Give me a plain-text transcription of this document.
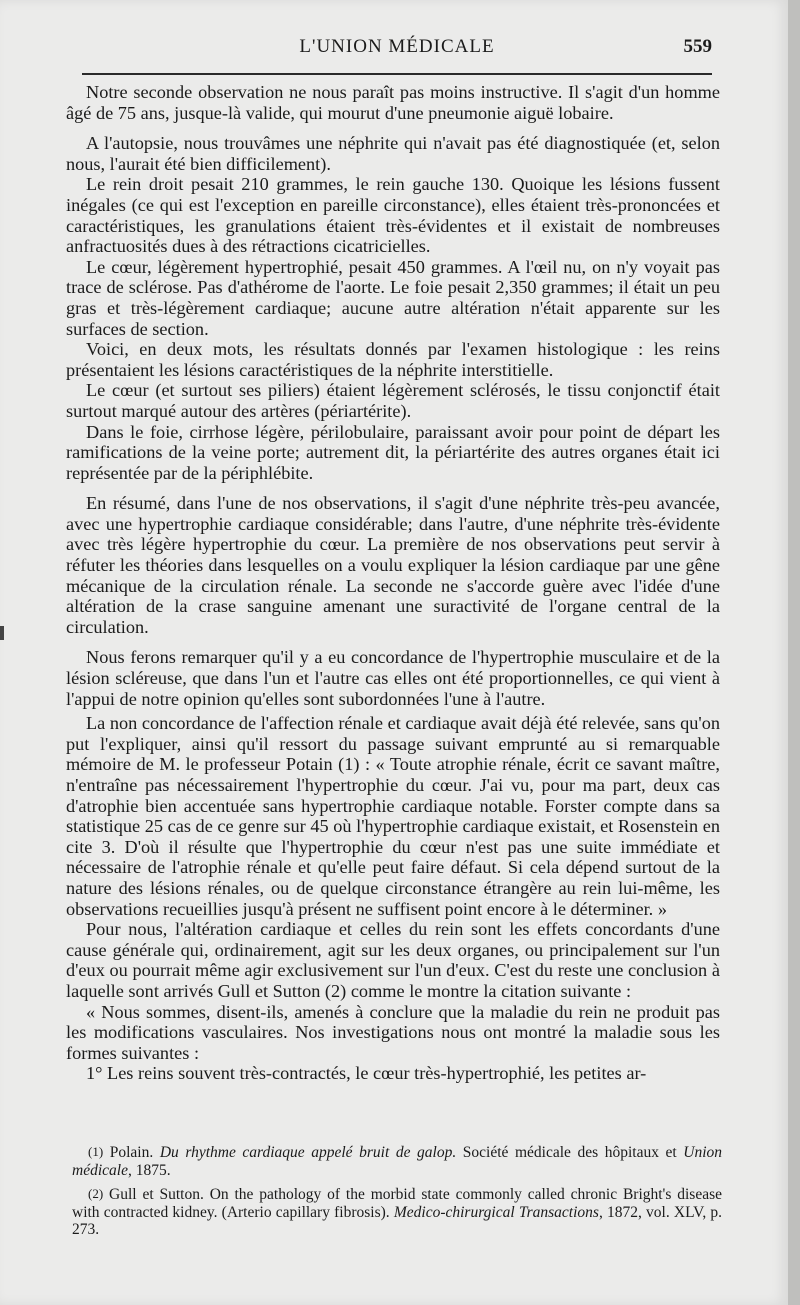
L'UNION MÉDICALE	559

Notre seconde observation ne nous paraît pas moins instructive. Il s'agit d'un homme âgé de 75 ans, jusque-là valide, qui mourut d'une pneumonie aiguë lobaire.

A l'autopsie, nous trouvâmes une néphrite qui n'avait pas été diagnostiquée (et, selon nous, l'aurait été bien difficilement).

Le rein droit pesait 210 grammes, le rein gauche 130. Quoique les lésions fussent inégales (ce qui est l'exception en pareille circonstance), elles étaient très-prononcées et caractéristiques, les granulations étaient très-évidentes et il existait de nombreuses anfractuosités dues à des rétractions cicatricielles.

Le cœur, légèrement hypertrophié, pesait 450 grammes. A l'œil nu, on n'y voyait pas trace de sclérose. Pas d'athérome de l'aorte. Le foie pesait 2,350 grammes; il était un peu gras et très-légèrement cardiaque; aucune autre altération n'était apparente sur les surfaces de section.

Voici, en deux mots, les résultats donnés par l'examen histologique : les reins présentaient les lésions caractéristiques de la néphrite interstitielle.

Le cœur (et surtout ses piliers) étaient légèrement sclérosés, le tissu conjonctif était surtout marqué autour des artères (périartérite).

Dans le foie, cirrhose légère, périlobulaire, paraissant avoir pour point de départ les ramifications de la veine porte; autrement dit, la périartérite des autres organes était ici représentée par de la périphlébite.

En résumé, dans l'une de nos observations, il s'agit d'une néphrite très-peu avancée, avec une hypertrophie cardiaque considérable; dans l'autre, d'une néphrite très-évidente avec très légère hypertrophie du cœur. La première de nos observations peut servir à réfuter les théories dans lesquelles on a voulu expliquer la lésion cardiaque par une gêne mécanique de la circulation rénale. La seconde ne s'accorde guère avec l'idée d'une altération de la crase sanguine amenant une suractivité de l'organe central de la circulation.

Nous ferons remarquer qu'il y a eu concordance de l'hypertrophie musculaire et de la lésion scléreuse, que dans l'un et l'autre cas elles ont été proportionnelles, ce qui vient à l'appui de notre opinion qu'elles sont subordonnées l'une à l'autre.

La non concordance de l'affection rénale et cardiaque avait déjà été relevée, sans qu'on put l'expliquer, ainsi qu'il ressort du passage suivant emprunté au si remarquable mémoire de M. le professeur Potain (1) : « Toute atrophie rénale, écrit ce savant maître, n'entraîne pas nécessairement l'hypertrophie du cœur. J'ai vu, pour ma part, deux cas d'atrophie bien accentuée sans hypertrophie cardiaque notable. Forster compte dans sa statistique 25 cas de ce genre sur 45 où l'hypertrophie cardiaque existait, et Rosenstein en cite 3. D'où il résulte que l'hypertrophie du cœur n'est pas une suite immédiate et nécessaire de l'atrophie rénale et qu'elle peut faire défaut. Si cela dépend surtout de la nature des lésions rénales, ou de quelque circonstance étrangère au rein lui-même, les observations recueillies jusqu'à présent ne suffisent point encore à le déterminer. »

Pour nous, l'altération cardiaque et celles du rein sont les effets concordants d'une cause générale qui, ordinairement, agit sur les deux organes, ou principalement sur l'un d'eux ou pourrait même agir exclusivement sur l'un d'eux. C'est du reste une conclusion à laquelle sont arrivés Gull et Sutton (2) comme le montre la citation suivante :

« Nous sommes, disent-ils, amenés à conclure que la maladie du rein ne produit pas les modifications vasculaires. Nos investigations nous ont montré la maladie sous les formes suivantes :

1° Les reins souvent très-contractés, le cœur très-hypertrophié, les petites ar-

(1) Polain. Du rhythme cardiaque appelé bruit de galop. Société médicale des hôpitaux et Union médicale, 1875.

(2) Gull et Sutton. On the pathology of the morbid state commonly called chronic Bright's disease with contracted kidney. (Arterio capillary fibrosis). Medico-chirurgical Transactions, 1872, vol. XLV, p. 273.
